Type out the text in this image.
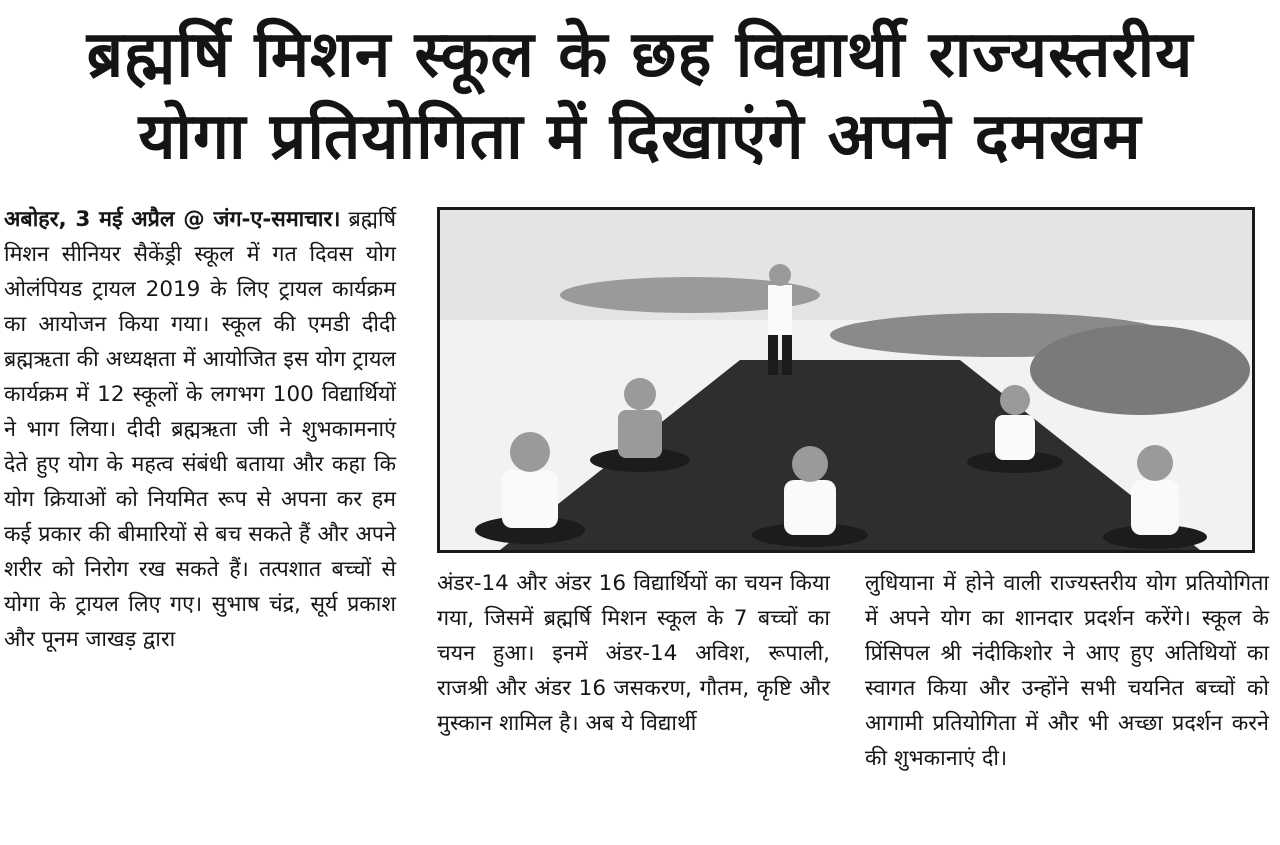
ब्रह्मर्षि मिशन स्कूल के छह विद्यार्थी राज्यस्तरीय
योगा प्रतियोगिता में दिखाएंगे अपने दमखम
अबोहर, 3 मई अप्रैल @ जंग-ए-समाचार। ब्रह्मर्षि मिशन सीनियर सैकेंड्री स्कूल में गत दिवस योग ओलंपियड ट्रायल 2019 के लिए ट्रायल कार्यक्रम का आयोजन किया गया। स्कूल की एमडी दीदी ब्रह्मऋता की अध्यक्षता में आयोजित इस योग ट्रायल कार्यक्रम में 12 स्कूलों के लगभग 100 विद्यार्थियों ने भाग लिया। दीदी ब्रह्मऋता जी ने शुभकामनाएं देते हुए योग के महत्व संबंधी बताया और कहा कि योग क्रियाओं को नियमित रूप से अपना कर हम कई प्रकार की बीमारियों से बच सकते हैं और अपने शरीर को निरोग रख सकते हैं। तत्पशात बच्चों से योगा के ट्रायल लिए गए। सुभाष चंद्र, सूर्य प्रकाश और पूनम जाखड़ द्वारा
अंडर-14 और अंडर 16 विद्यार्थियों का चयन किया गया, जिसमें ब्रह्मर्षि मिशन स्कूल के 7 बच्चों का चयन हुआ। इनमें अंडर-14 अविश, रूपाली, राजश्री और अंडर 16 जसकरण, गौतम, कृष्टि और मुस्कान शामिल है। अब ये विद्यार्थी
लुधियाना में होने वाली राज्यस्तरीय योग प्रतियोगिता में अपने योग का शानदार प्रदर्शन करेंगे। स्कूल के प्रिंसिपल श्री नंदीकिशोर ने आए हुए अतिथियों का स्वागत किया और उन्होंने सभी चयनित बच्चों को आगामी प्रतियोगिता में और भी अच्छा प्रदर्शन करने की शुभकानाएं दी।
